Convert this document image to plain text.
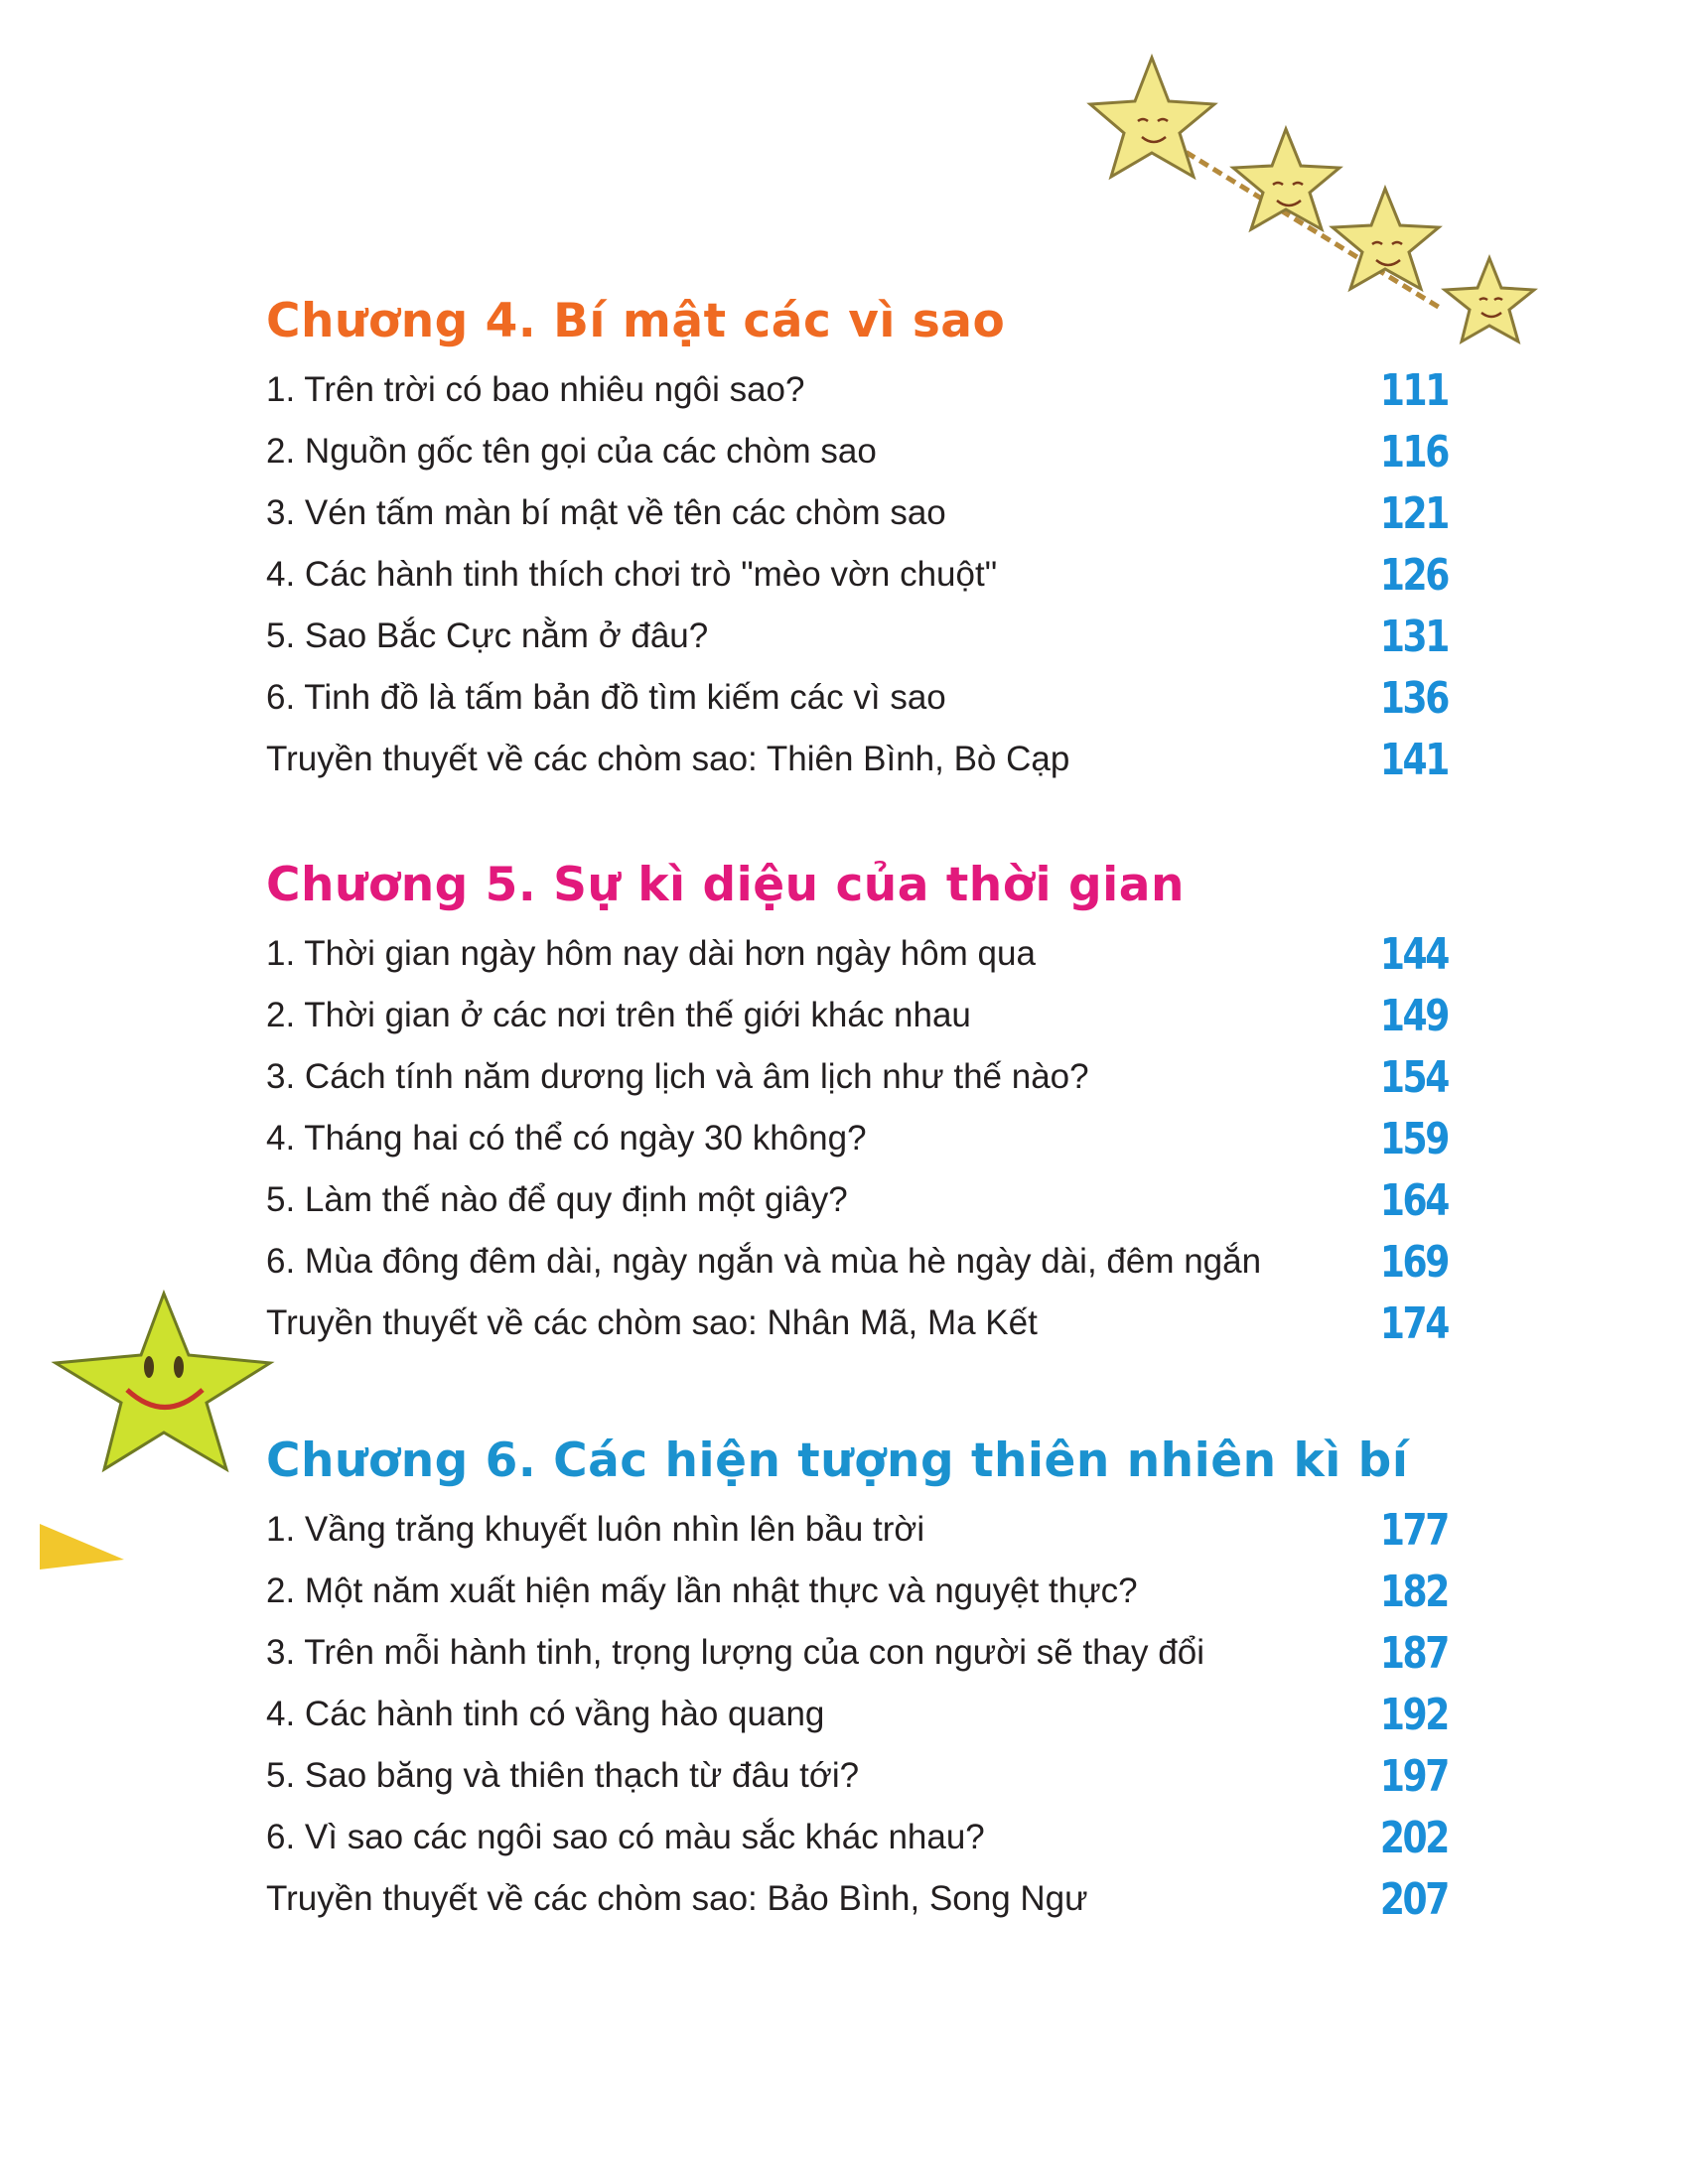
Chương 4. Bí mật các vì sao
1. Trên trời có bao nhiêu ngôi sao?	111
2. Nguồn gốc tên gọi của các chòm sao	116
3. Vén tấm màn bí mật về tên các chòm sao	121
4. Các hành tinh thích chơi trò "mèo vờn chuột"	126
5. Sao Bắc Cực nằm ở đâu?	131
6. Tinh đồ là tấm bản đồ tìm kiếm các vì sao	136
Truyền thuyết về các chòm sao: Thiên Bình, Bò Cạp	141
Chương 5. Sự kì diệu của thời gian
1. Thời gian ngày hôm nay dài hơn ngày hôm qua	144
2. Thời gian ở các nơi trên thế giới khác nhau	149
3. Cách tính năm dương lịch và âm lịch như thế nào?	154
4. Tháng hai có thể có ngày 30 không?	159
5. Làm thế nào để quy định một giây?	164
6. Mùa đông đêm dài, ngày ngắn và mùa hè ngày dài, đêm ngắn	169
Truyền thuyết về các chòm sao: Nhân Mã, Ma Kết	174
Chương 6. Các hiện tượng thiên nhiên kì bí
1. Vầng trăng khuyết luôn nhìn lên bầu trời	177
2. Một năm xuất hiện mấy lần nhật thực và nguyệt thực?	182
3. Trên mỗi hành tinh, trọng lượng của con người sẽ thay đổi	187
4. Các hành tinh có vầng hào quang	192
5. Sao băng và thiên thạch từ đâu tới?	197
6. Vì sao các ngôi sao có màu sắc khác nhau?	202
Truyền thuyết về các chòm sao: Bảo Bình, Song Ngư	207
